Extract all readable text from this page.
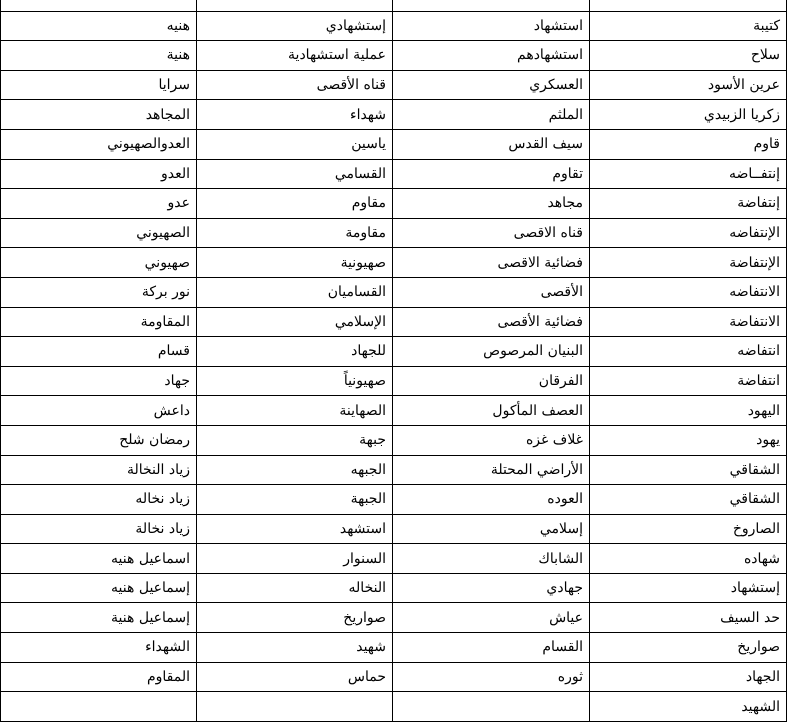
كتيبة	استشهاد	إستشهادي	هنيه
سلاح	استشهادهم	عملية استشهادية	هنية
عرين الأسود	العسكري	قناه الأقصى	سرايا
زكريا الزبيدي	الملثم	شهداء	المجاهد
قاوم	سيف القدس	ياسين	العدوالصهيوني
إنتفــاضه	تقاوم	القسامي	العدو
إنتفاضة	مجاهد	مقاوم	عدو
الإنتفاضه	قناه الاقصى	مقاومة	الصهيوني
الإنتفاضة	فضائية الاقصى	صهيونية	صهيوني
الانتفاضه	الأقصى	القساميان	نور بركة
الانتفاضة	فضائية الأقصى	الإسلامي	المقاومة
انتفاضه	البنيان المرصوص	للجهاد	قسام
انتفاضة	الفرقان	صهيونياً	جهاد
اليهود	العصف المأكول	الصهاينة	داعش
يهود	غلاف غزه	جبهة	رمضان شلح
الشقاقي	الأراضي المحتلة	الجبهه	زياد النخالة
الشقاقي	العوده	الجبهة	زياد نخاله
الصاروخ	إسلامي	استشهد	زياد نخالة
شهاده	الشاباك	السنوار	اسماعيل هنيه
إستشهاد	جهادي	النخاله	إسماعيل هنيه
حد السيف	عياش	صواريخ	إسماعيل هنية
صواريخ	القسام	شهيد	الشهداء
الجهاد	ثوره	حماس	المقاوم
الشهيد			
